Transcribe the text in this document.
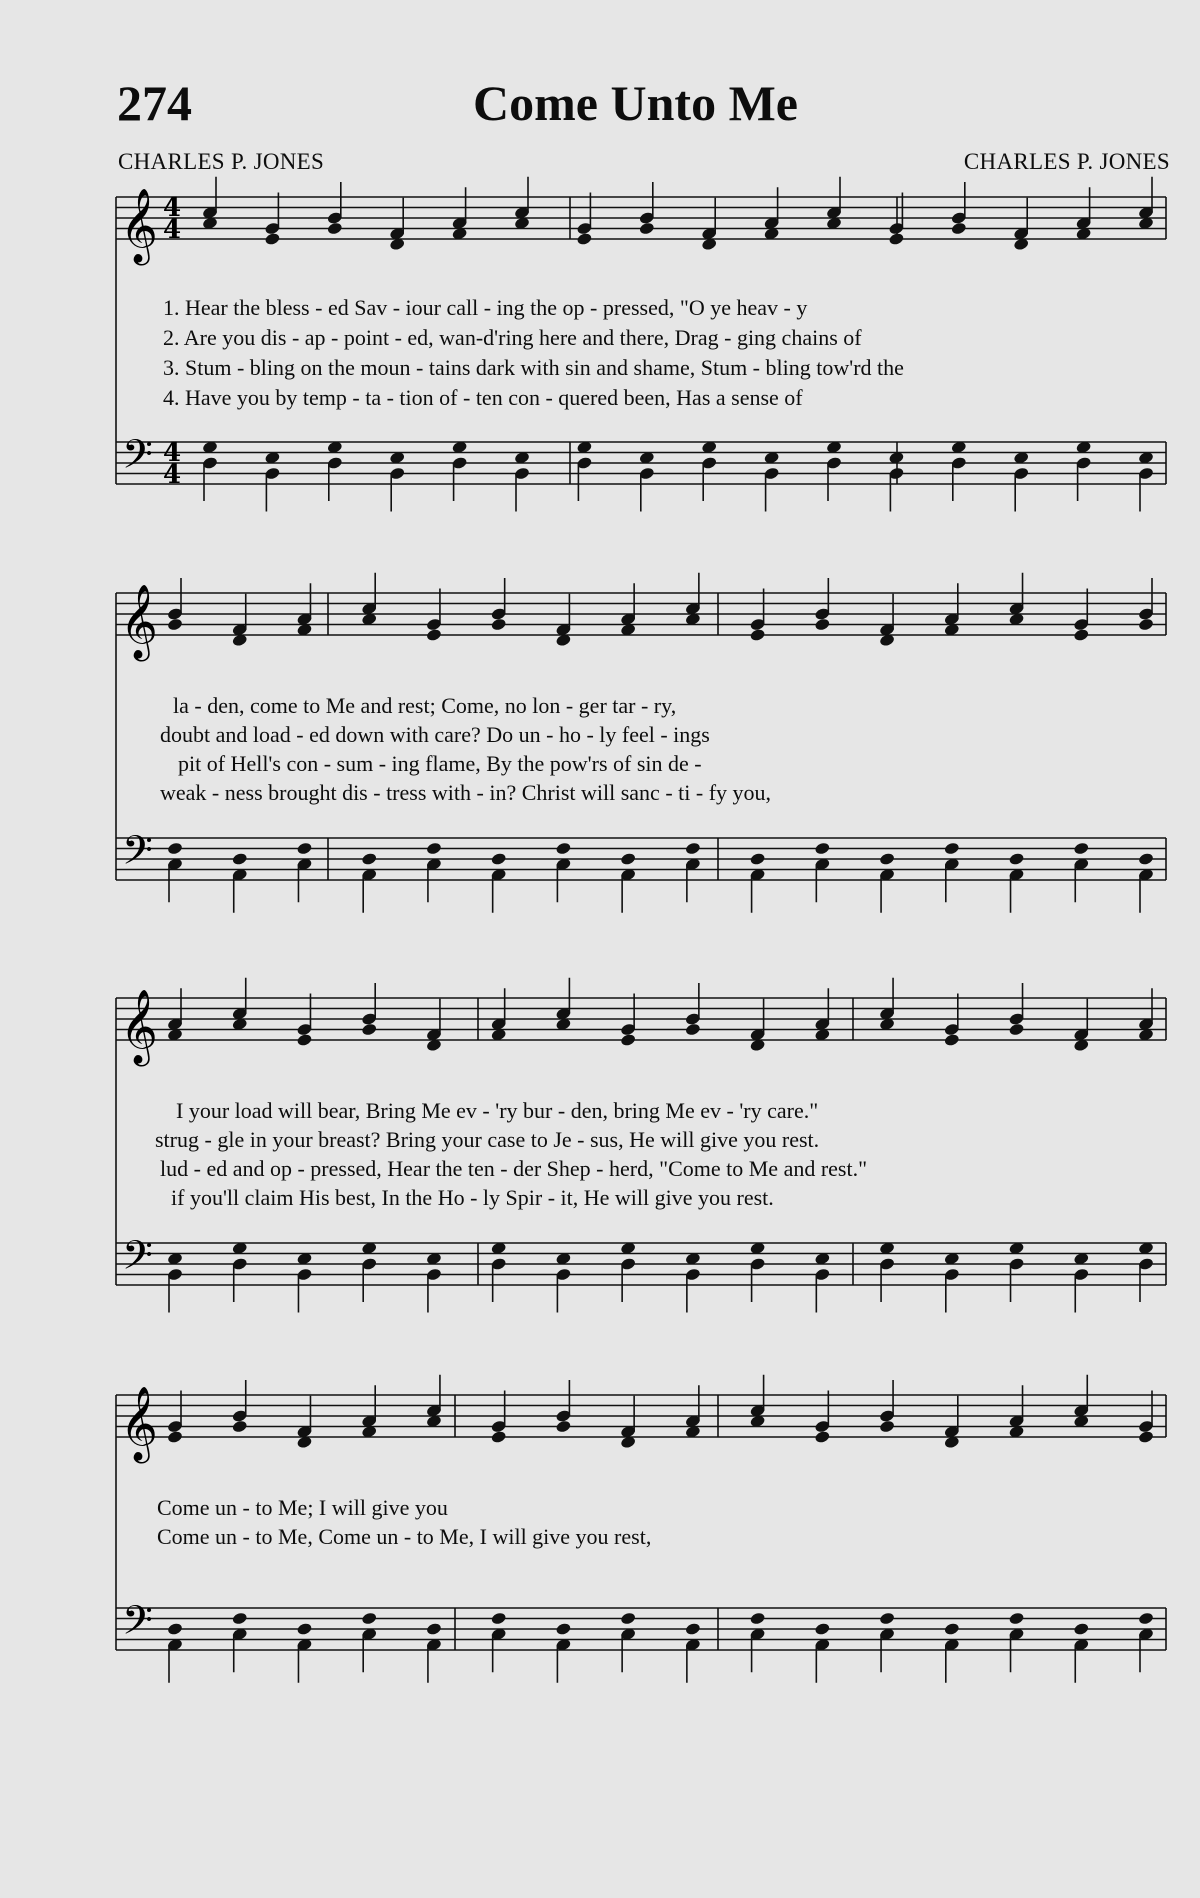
274	Come Unto Me
CHARLES P. JONES	CHARLES P. JONES
𝄞
𝄢
4
4
4
4
𝄞
𝄢
𝄞
𝄢
𝄞
𝄢
1. Hear the bless - ed Sav - iour call - ing the op - pressed, "O ye heav - y
2. Are you dis - ap - point - ed, wan-d'ring here and there, Drag - ging chains of
3. Stum - bling on the moun - tains dark with sin and shame, Stum - bling tow'rd the
4. Have you by temp - ta - tion of - ten con - quered been, Has a sense of
la - den, come to Me and rest; Come, no lon - ger tar - ry,
doubt and load - ed down with care? Do un - ho - ly feel - ings
pit of Hell's con - sum - ing flame, By the pow'rs of sin de -
weak - ness brought dis - tress with - in? Christ will sanc - ti - fy you,
I your load will bear, Bring Me ev - 'ry bur - den, bring Me ev - 'ry care."
strug - gle in your breast? Bring your case to Je - sus, He will give you rest.
lud - ed and op - pressed, Hear the ten - der Shep - herd, "Come to Me and rest."
if you'll claim His best, In the Ho - ly Spir - it, He will give you rest.
Come un - to Me; I will give you
Come un - to Me, Come un - to Me, I will give you rest,
